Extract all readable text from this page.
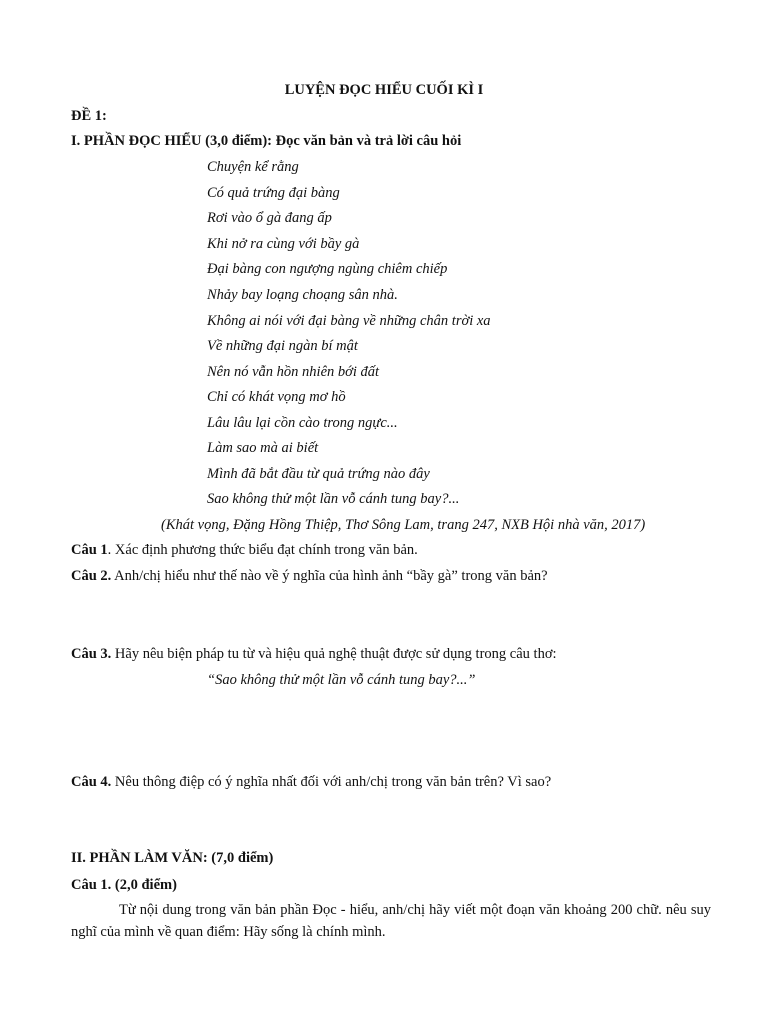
LUYỆN ĐỌC HIỂU CUỐI KÌ I
ĐỀ 1:
I. PHẦN ĐỌC HIỂU (3,0 điểm): Đọc văn bản và trả lời câu hỏi
Chuyện kể rằng
Có quả trứng đại bàng
Rơi vào ổ gà đang ấp
Khi nở ra cùng với bầy gà
Đại bàng con ngượng ngùng chiêm chiếp
Nhảy bay loạng choạng sân nhà.
Không ai nói với đại bàng về những chân trời xa
Về những đại ngàn bí mật
Nên nó vẫn hồn nhiên bới đất
Chỉ có khát vọng mơ hồ
Lâu lâu lại cồn cào trong ngực...
Làm sao mà ai biết
Mình đã bắt đầu từ quả trứng nào đây
Sao không thử một lần vỗ cánh tung bay?...
(Khát vọng, Đặng Hồng Thiệp, Thơ Sông Lam, trang 247, NXB Hội nhà văn, 2017)
Câu 1. Xác định phương thức biểu đạt chính trong văn bản.
Câu 2. Anh/chị hiểu như thế nào về ý nghĩa của hình ảnh “bầy gà” trong văn bản?
Câu 3. Hãy nêu biện pháp tu từ và hiệu quả nghệ thuật được sử dụng trong câu thơ:
“Sao không thử một lần vỗ cánh tung bay?...”
Câu 4. Nêu thông điệp có ý nghĩa nhất đối với anh/chị trong văn bản trên? Vì sao?
II. PHẦN LÀM VĂN: (7,0 điểm)
Câu 1. (2,0 điểm)
Từ nội dung trong văn bản phần Đọc - hiểu, anh/chị hãy viết một đoạn văn khoảng 200 chữ. nêu suy nghĩ của mình về quan điểm: Hãy sống là chính mình.
